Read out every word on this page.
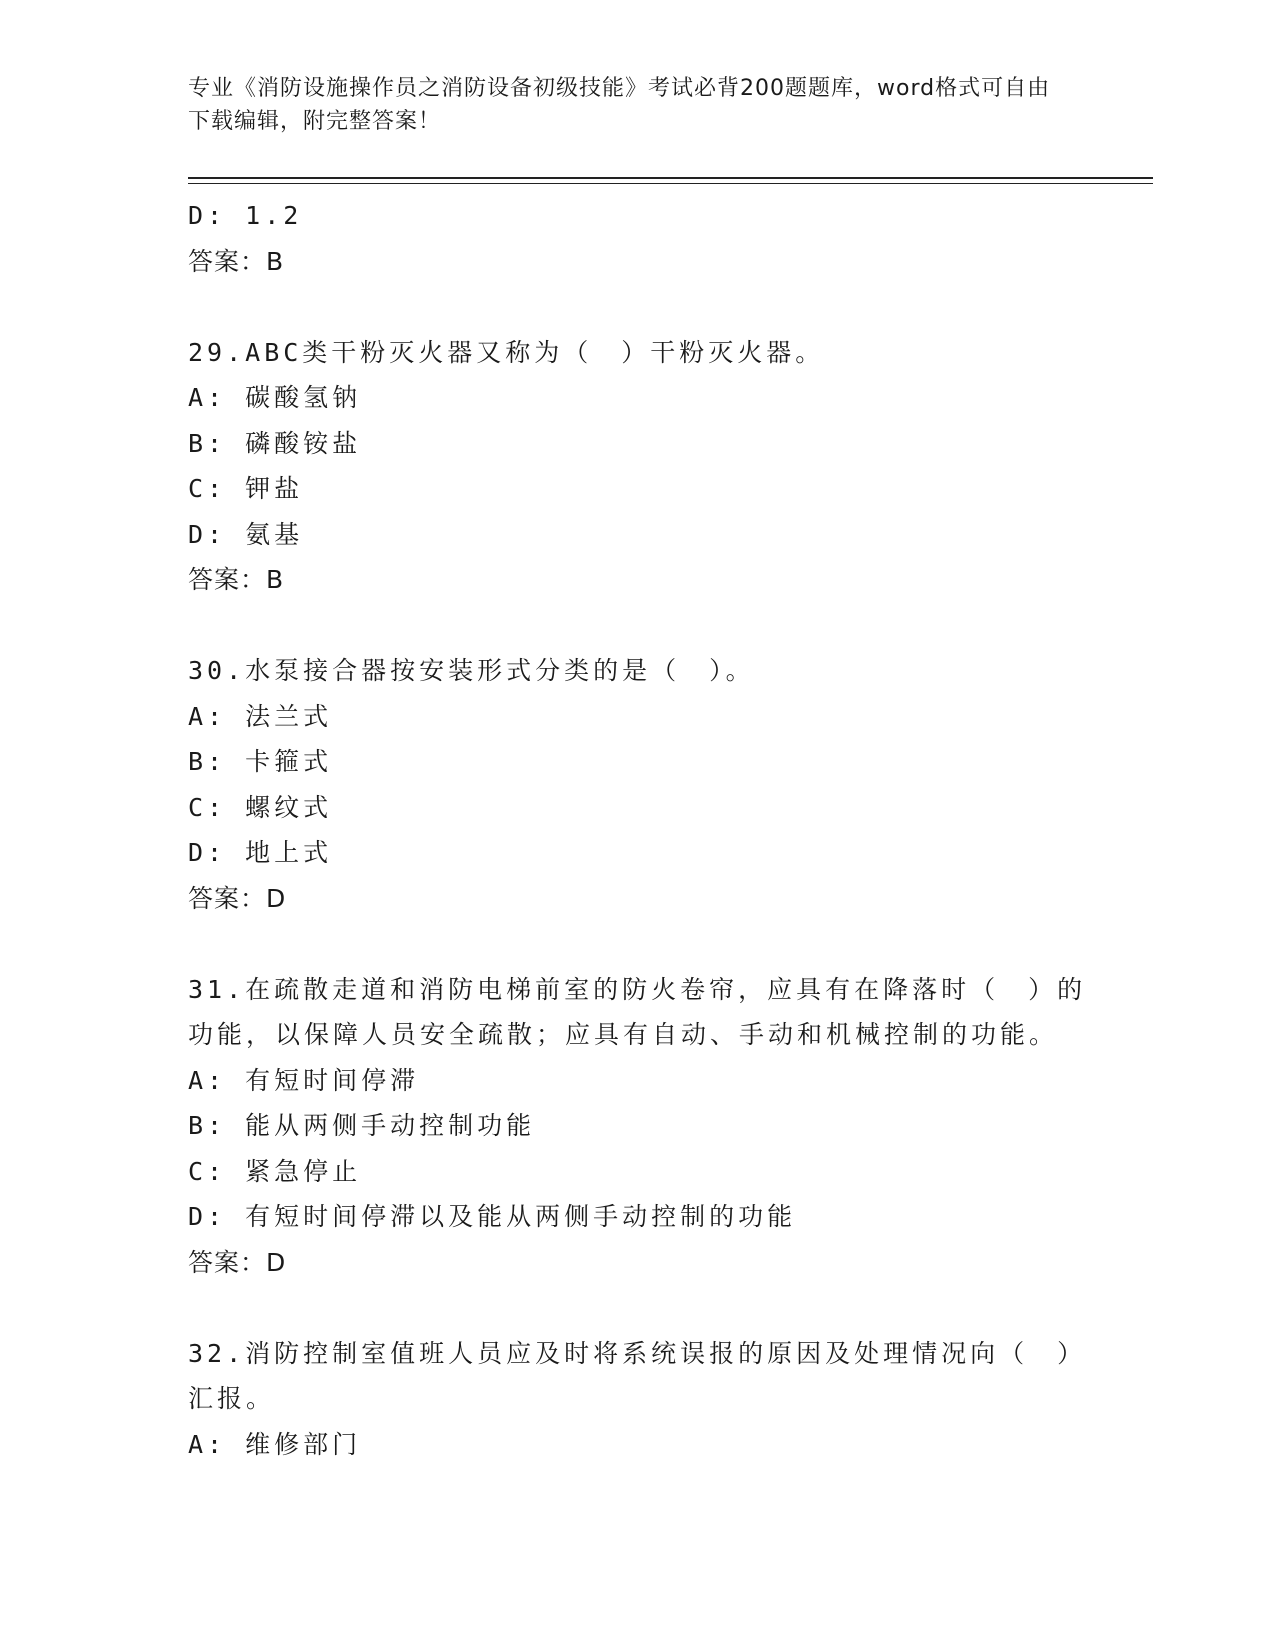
专业《消防设施操作员之消防设备初级技能》考试必背200题题库，word格式可自由下载编辑，附完整答案！
D: 1.2
答案：B
29.ABC类干粉灭火器又称为（　）干粉灭火器。
A: 碳酸氢钠
B: 磷酸铵盐
C: 钾盐
D: 氨基
答案：B
30.水泵接合器按安装形式分类的是（　）。
A: 法兰式
B: 卡箍式
C: 螺纹式
D: 地上式
答案：D
31.在疏散走道和消防电梯前室的防火卷帘，应具有在降落时（　）的功能，以保障人员安全疏散；应具有自动、手动和机械控制的功能。
A: 有短时间停滞
B: 能从两侧手动控制功能
C: 紧急停止
D: 有短时间停滞以及能从两侧手动控制的功能
答案：D
32.消防控制室值班人员应及时将系统误报的原因及处理情况向（　）汇报。
A: 维修部门
